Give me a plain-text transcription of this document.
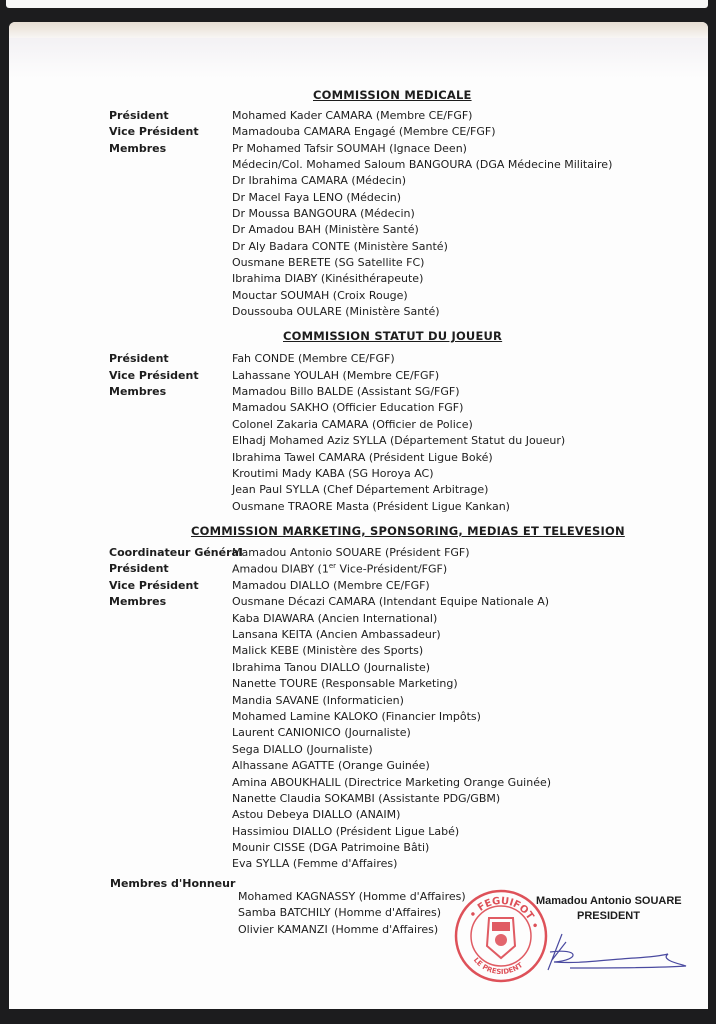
COMMISSION MEDICALE
Président
Vice Président
Membres
Mohamed Kader CAMARA (Membre CE/FGF)
Mamadouba CAMARA Engagé (Membre CE/FGF)
Pr Mohamed Tafsir SOUMAH (Ignace Deen)
Médecin/Col. Mohamed Saloum BANGOURA (DGA Médecine Militaire)
Dr Ibrahima CAMARA (Médecin)
Dr Macel Faya LENO (Médecin)
Dr Moussa BANGOURA (Médecin)
Dr Amadou BAH (Ministère Santé)
Dr Aly Badara CONTE (Ministère Santé)
Ousmane BERETE (SG Satellite FC)
Ibrahima DIABY (Kinésithérapeute)
Mouctar SOUMAH (Croix Rouge)
Doussouba OULARE (Ministère Santé)
COMMISSION STATUT DU JOUEUR
Président
Vice Président
Membres
Fah CONDE (Membre CE/FGF)
Lahassane YOULAH (Membre CE/FGF)
Mamadou Billo BALDE (Assistant SG/FGF)
Mamadou SAKHO (Officier Education FGF)
Colonel Zakaria CAMARA (Officier de Police)
Elhadj Mohamed Aziz SYLLA (Département Statut du Joueur)
Ibrahima Tawel CAMARA (Président Ligue Boké)
Kroutimi Mady KABA (SG Horoya AC)
Jean Paul SYLLA (Chef Département Arbitrage)
Ousmane TRAORE Masta (Président Ligue Kankan)
COMMISSION MARKETING, SPONSORING, MEDIAS ET TELEVESION
Coordinateur Général
Président
Vice Président
Membres
Mamadou Antonio SOUARE (Président FGF)
Amadou DIABY (1er Vice-Président/FGF)
Mamadou DIALLO (Membre CE/FGF)
Ousmane Décazi CAMARA (Intendant Equipe Nationale A)
Kaba DIAWARA (Ancien International)
Lansana KEITA (Ancien Ambassadeur)
Malick KEBE (Ministère des Sports)
Ibrahima Tanou DIALLO (Journaliste)
Nanette TOURE (Responsable Marketing)
Mandia SAVANE (Informaticien)
Mohamed Lamine KALOKO (Financier Impôts)
Laurent CANIONICO (Journaliste)
Sega DIALLO (Journaliste)
Alhassane AGATTE (Orange Guinée)
Amina ABOUKHALIL (Directrice Marketing Orange Guinée)
Nanette Claudia SOKAMBI (Assistante PDG/GBM)
Astou Debeya DIALLO (ANAIM)
Hassimiou DIALLO (Président Ligue Labé)
Mounir CISSE (DGA Patrimoine Bâti)
Eva SYLLA (Femme d'Affaires)
Membres d'Honneur
Mohamed KAGNASSY (Homme d'Affaires)
Samba BATCHILY (Homme d'Affaires)
Olivier KAMANZI (Homme d'Affaires)
Mamadou Antonio SOUARE
PRESIDENT
• FEGUIFOT •
LE PRESIDENT
